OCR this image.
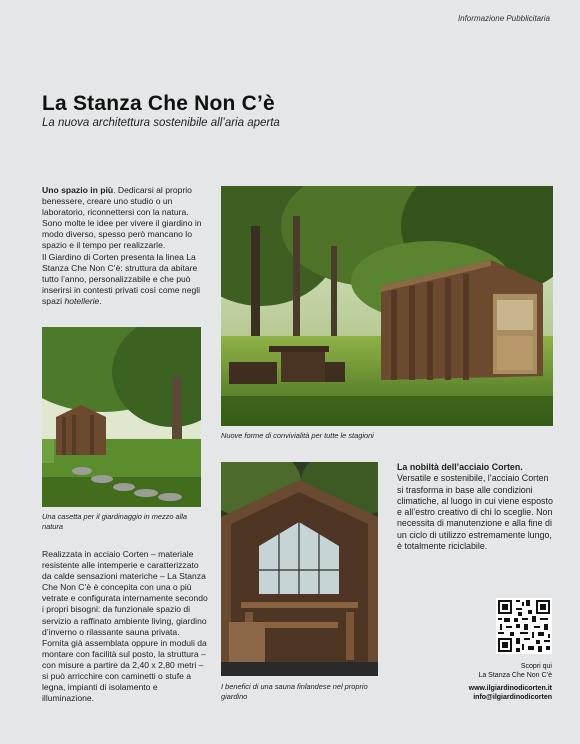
Informazione Pubblicitaria
La Stanza Che Non C’è
La nuova architettura sostenibile all’aria aperta

Uno spazio in più. Dedicarsi al proprio benessere, creare uno studio o un laboratorio, riconnettersi con la natura. Sono molte le idee per vivere il giardino in modo diverso, spesso però mancano lo spazio e il tempo per realizzarle.

Il Giardino di Corten presenta la linea La Stanza Che Non C’è: struttura da abitare tutto l’anno, personalizzabile e che può inserirsi in contesti privati così come negli spazi hotellerie.

Nuove forme di convivialità per tutte le stagioni
Una casetta per il giardinaggio in mezzo alla natura
Realizzata in acciaio Corten – materiale resistente alle intemperie e caratterizzato da calde sensazioni materiche – La Stanza Che Non C’è è concepita con una o più vetrate e configurata internamente secondo i propri bisogni: da funzionale spazio di servizio a raffinato ambiente living, giardino d’inverno o rilassante sauna privata. Fornita già assemblata oppure in moduli da montare con facilità sul posto, la struttura – con misure a partire da 2,40 x 2,80 metri – si può arricchire con caminetti o stufe a legna, impianti di isolamento e illuminazione.
I benefici di una sauna finlandese nel proprio giardino

La nobiltà dell’acciaio Corten.

Versatile e sostenibile, l’acciaio Corten si trasforma in base alle condizioni climatiche, al luogo in cui viene esposto e all’estro creativo di chi lo sceglie. Non necessita di manutenzione e alla fine di un ciclo di utilizzo estremamente lungo, è totalmente riciclabile.

Scopri qui
La Stanza Che Non C’è
www.ilgiardinodicorten.it
info@ilgiardinodicorten
